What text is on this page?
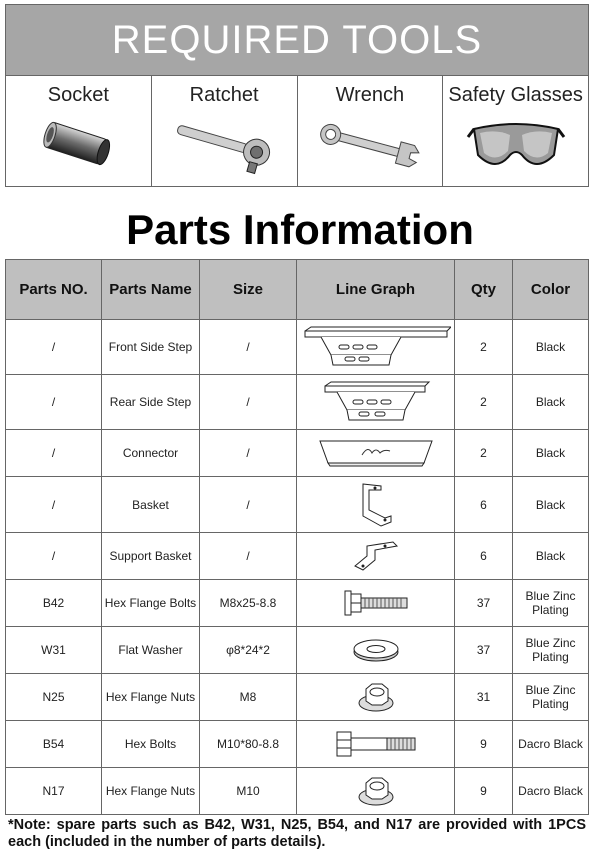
REQUIRED TOOLS
Socket	Ratchet	Wrench	Safety Glasses
Parts Information
Parts NO.	Parts Name	Size	Line Graph	Qty	Color
/	Front Side Step	/		2	Black
/	Rear Side Step	/		2	Black
/	Connector	/		2	Black
/	Basket	/		6	Black
/	Support Basket	/		6	Black
B42	Hex Flange Bolts	M8x25-8.8		37	Blue Zinc Plating
W31	Flat Washer	φ8*24*2		37	Blue Zinc Plating
N25	Hex Flange Nuts	M8		31	Blue Zinc Plating
B54	Hex Bolts	M10*80-8.8		9	Dacro Black
N17	Hex Flange Nuts	M10		9	Dacro Black
*Note: spare parts such as B42, W31, N25, B54, and N17 are provided with 1PCS each (included in the number of parts details).
